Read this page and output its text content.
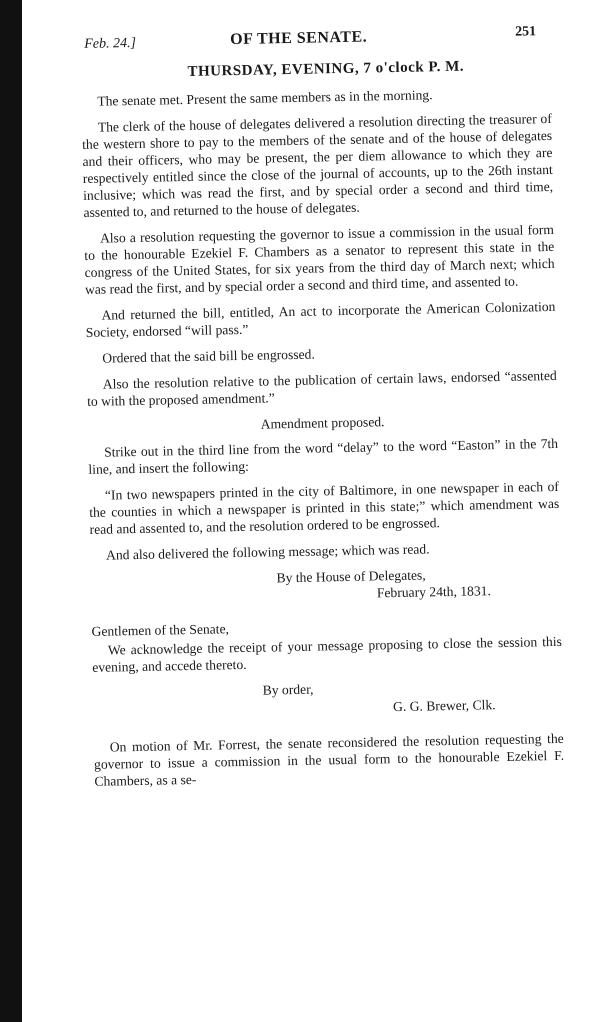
Feb. 24.]	OF THE SENATE.	251
THURSDAY, EVENING, 7 o'clock P. M.

The senate met. Present the same members as in the morning.

The clerk of the house of delegates delivered a resolution directing the treasurer of the western shore to pay to the members of the senate and of the house of delegates and their officers, who may be present, the per diem allowance to which they are respectively entitled since the close of the journal of accounts, up to the 26th instant inclusive; which was read the first, and by special order a second and third time, assented to, and returned to the house of delegates.

Also a resolution requesting the governor to issue a commission in the usual form to the honourable Ezekiel F. Chambers as a senator to represent this state in the congress of the United States, for six years from the third day of March next; which was read the first, and by special order a second and third time, and assented to.

And returned the bill, entitled, An act to incorporate the American Colonization Society, endorsed “will pass.”

Ordered that the said bill be engrossed.

Also the resolution relative to the publication of certain laws, endorsed “assented to with the proposed amendment.”

Amendment proposed.

Strike out in the third line from the word “delay” to the word “Easton” in the 7th line, and insert the following:

“In two newspapers printed in the city of Baltimore, in one newspaper in each of the counties in which a newspaper is printed in this state;” which amendment was read and assented to, and the resolution ordered to be engrossed.

And also delivered the following message; which was read.

By the House of Delegates,
February 24th, 1831.
Gentlemen of the Senate,

We acknowledge the receipt of your message proposing to close the session this evening, and accede thereto.

By order,
G. G. Brewer, Clk.

On motion of Mr. Forrest, the senate reconsidered the resolution requesting the governor to issue a commission in the usual form to the honourable Ezekiel F. Chambers, as a se-
